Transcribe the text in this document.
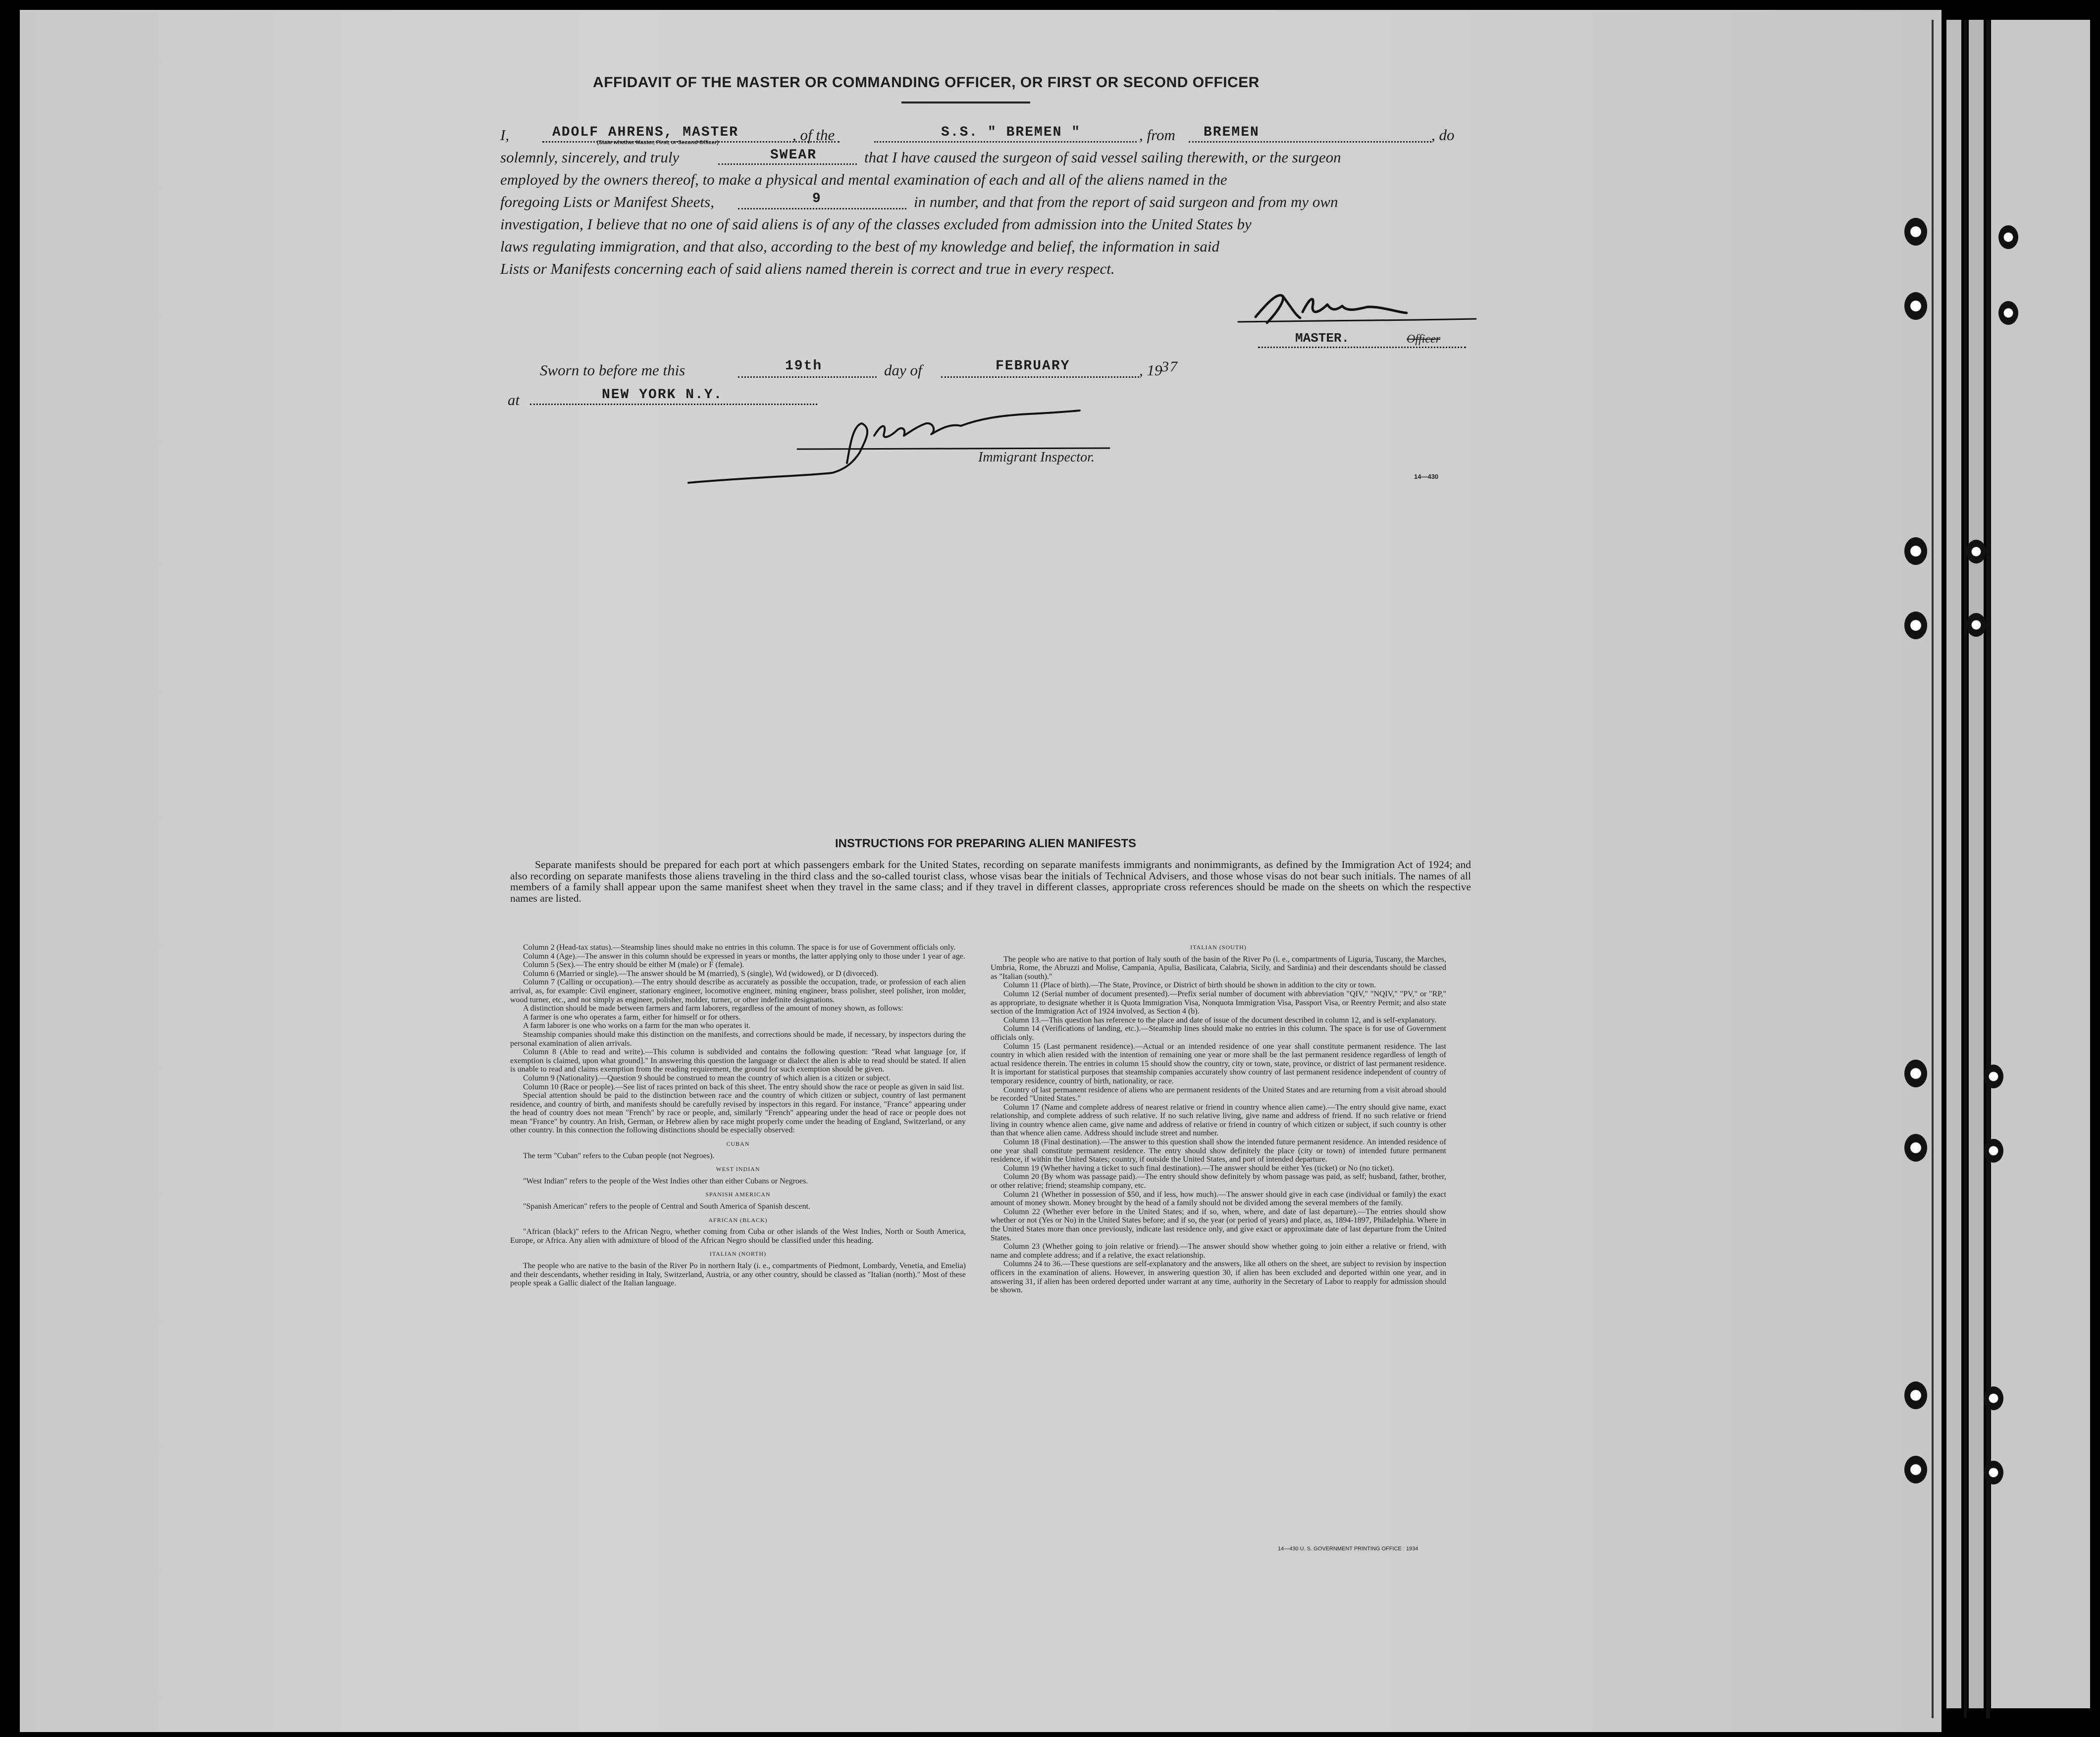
AFFIDAVIT OF THE MASTER OR COMMANDING OFFICER, OR FIRST OR SECOND OFFICER
I,	ADOLF AHRENS, MASTER
(State whether Master, First, or Second Officer)	, of the	S.S. " BREMEN "	, from BREMEN	, do
solemnly, sincerely, and truly	SWEAR	that I have caused the surgeon of said vessel sailing therewith, or the surgeon
employed by the owners thereof, to make a physical and mental examination of each and all of the aliens named in the
foregoing Lists or Manifest Sheets,	9	in number, and that from the report of said surgeon and from my own
investigation, I believe that no one of said aliens is of any of the classes excluded from admission into the United States by
laws regulating immigration, and that also, according to the best of my knowledge and belief, the information in said
Lists or Manifests concerning each of said aliens named therein is correct and true in every respect.
MASTER.	Officer
Sworn to before me this	19th	day of	FEBRUARY	, 19
37
at	NEW YORK N.Y.
Immigrant Inspector.
14—430
INSTRUCTIONS FOR PREPARING ALIEN MANIFESTS
Separate manifests should be prepared for each port at which passengers embark for the United States, recording on separate manifests immigrants and nonimmigrants, as defined by the Immigration Act of 1924; and also recording on separate manifests those aliens traveling in the third class and the so-called tourist class, whose visas bear the initials of Technical Advisers, and those whose visas do not bear such initials. The names of all members of a family shall appear upon the same manifest sheet when they travel in the same class; and if they travel in different classes, appropriate cross references should be made on the sheets on which the respective names are listed.

Column 2 (Head-tax status).—Steamship lines should make no entries in this column. The space is for use of Government officials only.

Column 4 (Age).—The answer in this column should be expressed in years or months, the latter applying only to those under 1 year of age.

Column 5 (Sex).—The entry should be either M (male) or F (female).

Column 6 (Married or single).—The answer should be M (married), S (single), Wd (widowed), or D (divorced).

Column 7 (Calling or occupation).—The entry should describe as accurately as possible the occupation, trade, or profession of each alien arrival, as, for example: Civil engineer, stationary engineer, locomotive engineer, mining engineer, brass polisher, steel polisher, iron molder, wood turner, etc., and not simply as engineer, polisher, molder, turner, or other indefinite designations.

A distinction should be made between farmers and farm laborers, regardless of the amount of money shown, as follows:

A farmer is one who operates a farm, either for himself or for others.

A farm laborer is one who works on a farm for the man who operates it.

Steamship companies should make this distinction on the manifests, and corrections should be made, if necessary, by inspectors during the personal examination of alien arrivals.

Column 8 (Able to read and write).—This column is subdivided and contains the following question: "Read what language [or, if exemption is claimed, upon what ground]." In answering this question the language or dialect the alien is able to read should be stated. If alien is unable to read and claims exemption from the reading requirement, the ground for such exemption should be given.

Column 9 (Nationality).—Question 9 should be construed to mean the country of which alien is a citizen or subject.

Column 10 (Race or people).—See list of races printed on back of this sheet. The entry should show the race or people as given in said list.

Special attention should be paid to the distinction between race and the country of which citizen or subject, country of last permanent residence, and country of birth, and manifests should be carefully revised by inspectors in this regard. For instance, "France" appearing under the head of country does not mean "French" by race or people, and, similarly "French" appearing under the head of race or people does not mean "France" by country. An Irish, German, or Hebrew alien by race might properly come under the heading of England, Switzerland, or any other country. In this connection the following distinctions should be especially observed:

CUBAN

The term "Cuban" refers to the Cuban people (not Negroes).

WEST INDIAN

"West Indian" refers to the people of the West Indies other than either Cubans or Negroes.

SPANISH AMERICAN

"Spanish American" refers to the people of Central and South America of Spanish descent.

AFRICAN (BLACK)

"African (black)" refers to the African Negro, whether coming from Cuba or other islands of the West Indies, North or South America, Europe, or Africa. Any alien with admixture of blood of the African Negro should be classified under this heading.

ITALIAN (NORTH)

The people who are native to the basin of the River Po in northern Italy (i. e., compartments of Piedmont, Lombardy, Venetia, and Emelia) and their descendants, whether residing in Italy, Switzerland, Austria, or any other country, should be classed as "Italian (north)." Most of these people speak a Gallic dialect of the Italian language.

ITALIAN (SOUTH)

The people who are native to that portion of Italy south of the basin of the River Po (i. e., compartments of Liguria, Tuscany, the Marches, Umbria, Rome, the Abruzzi and Molise, Campania, Apulia, Basilicata, Calabria, Sicily, and Sardinia) and their descendants should be classed as "Italian (south)."

Column 11 (Place of birth).—The State, Province, or District of birth should be shown in addition to the city or town.

Column 12 (Serial number of document presented).—Prefix serial number of document with abbreviation "QIV," "NQIV," "PV," or "RP," as appropriate, to designate whether it is Quota Immigration Visa, Nonquota Immigration Visa, Passport Visa, or Reentry Permit; and also state section of the Immigration Act of 1924 involved, as Section 4 (b).

Column 13.—This question has reference to the place and date of issue of the document described in column 12, and is self-explanatory.

Column 14 (Verifications of landing, etc.).—Steamship lines should make no entries in this column. The space is for use of Government officials only.

Column 15 (Last permanent residence).—Actual or an intended residence of one year shall constitute permanent residence. The last country in which alien resided with the intention of remaining one year or more shall be the last permanent residence regardless of length of actual residence therein. The entries in column 15 should show the country, city or town, state, province, or district of last permanent residence. It is important for statistical purposes that steamship companies accurately show country of last permanent residence independent of country of temporary residence, country of birth, nationality, or race.

Country of last permanent residence of aliens who are permanent residents of the United States and are returning from a visit abroad should be recorded "United States."

Column 17 (Name and complete address of nearest relative or friend in country whence alien came).—The entry should give name, exact relationship, and complete address of such relative. If no such relative living, give name and address of friend. If no such relative or friend living in country whence alien came, give name and address of relative or friend in country of which citizen or subject, if such country is other than that whence alien came. Address should include street and number.

Column 18 (Final destination).—The answer to this question shall show the intended future permanent residence. An intended residence of one year shall constitute permanent residence. The entry should show definitely the place (city or town) of intended future permanent residence, if within the United States; country, if outside the United States, and port of intended departure.

Column 19 (Whether having a ticket to such final destination).—The answer should be either Yes (ticket) or No (no ticket).

Column 20 (By whom was passage paid).—The entry should show definitely by whom passage was paid, as self; husband, father, brother, or other relative; friend; steamship company, etc.

Column 21 (Whether in possession of $50, and if less, how much).—The answer should give in each case (individual or family) the exact amount of money shown. Money brought by the head of a family should not be divided among the several members of the family.

Column 22 (Whether ever before in the United States; and if so, when, where, and date of last departure).—The entries should show whether or not (Yes or No) in the United States before; and if so, the year (or period of years) and place, as, 1894-1897, Philadelphia. Where in the United States more than once previously, indicate last residence only, and give exact or approximate date of last departure from the United States.

Column 23 (Whether going to join relative or friend).—The answer should show whether going to join either a relative or friend, with name and complete address; and if a relative, the exact relationship.

Columns 24 to 36.—These questions are self-explanatory and the answers, like all others on the sheet, are subject to revision by inspection officers in the examination of aliens. However, in answering question 30, if alien has been excluded and deported within one year, and in answering 31, if alien has been ordered deported under warrant at any time, authority in the Secretary of Labor to reapply for admission should be shown.

14—430 U. S. GOVERNMENT PRINTING OFFICE : 1934
